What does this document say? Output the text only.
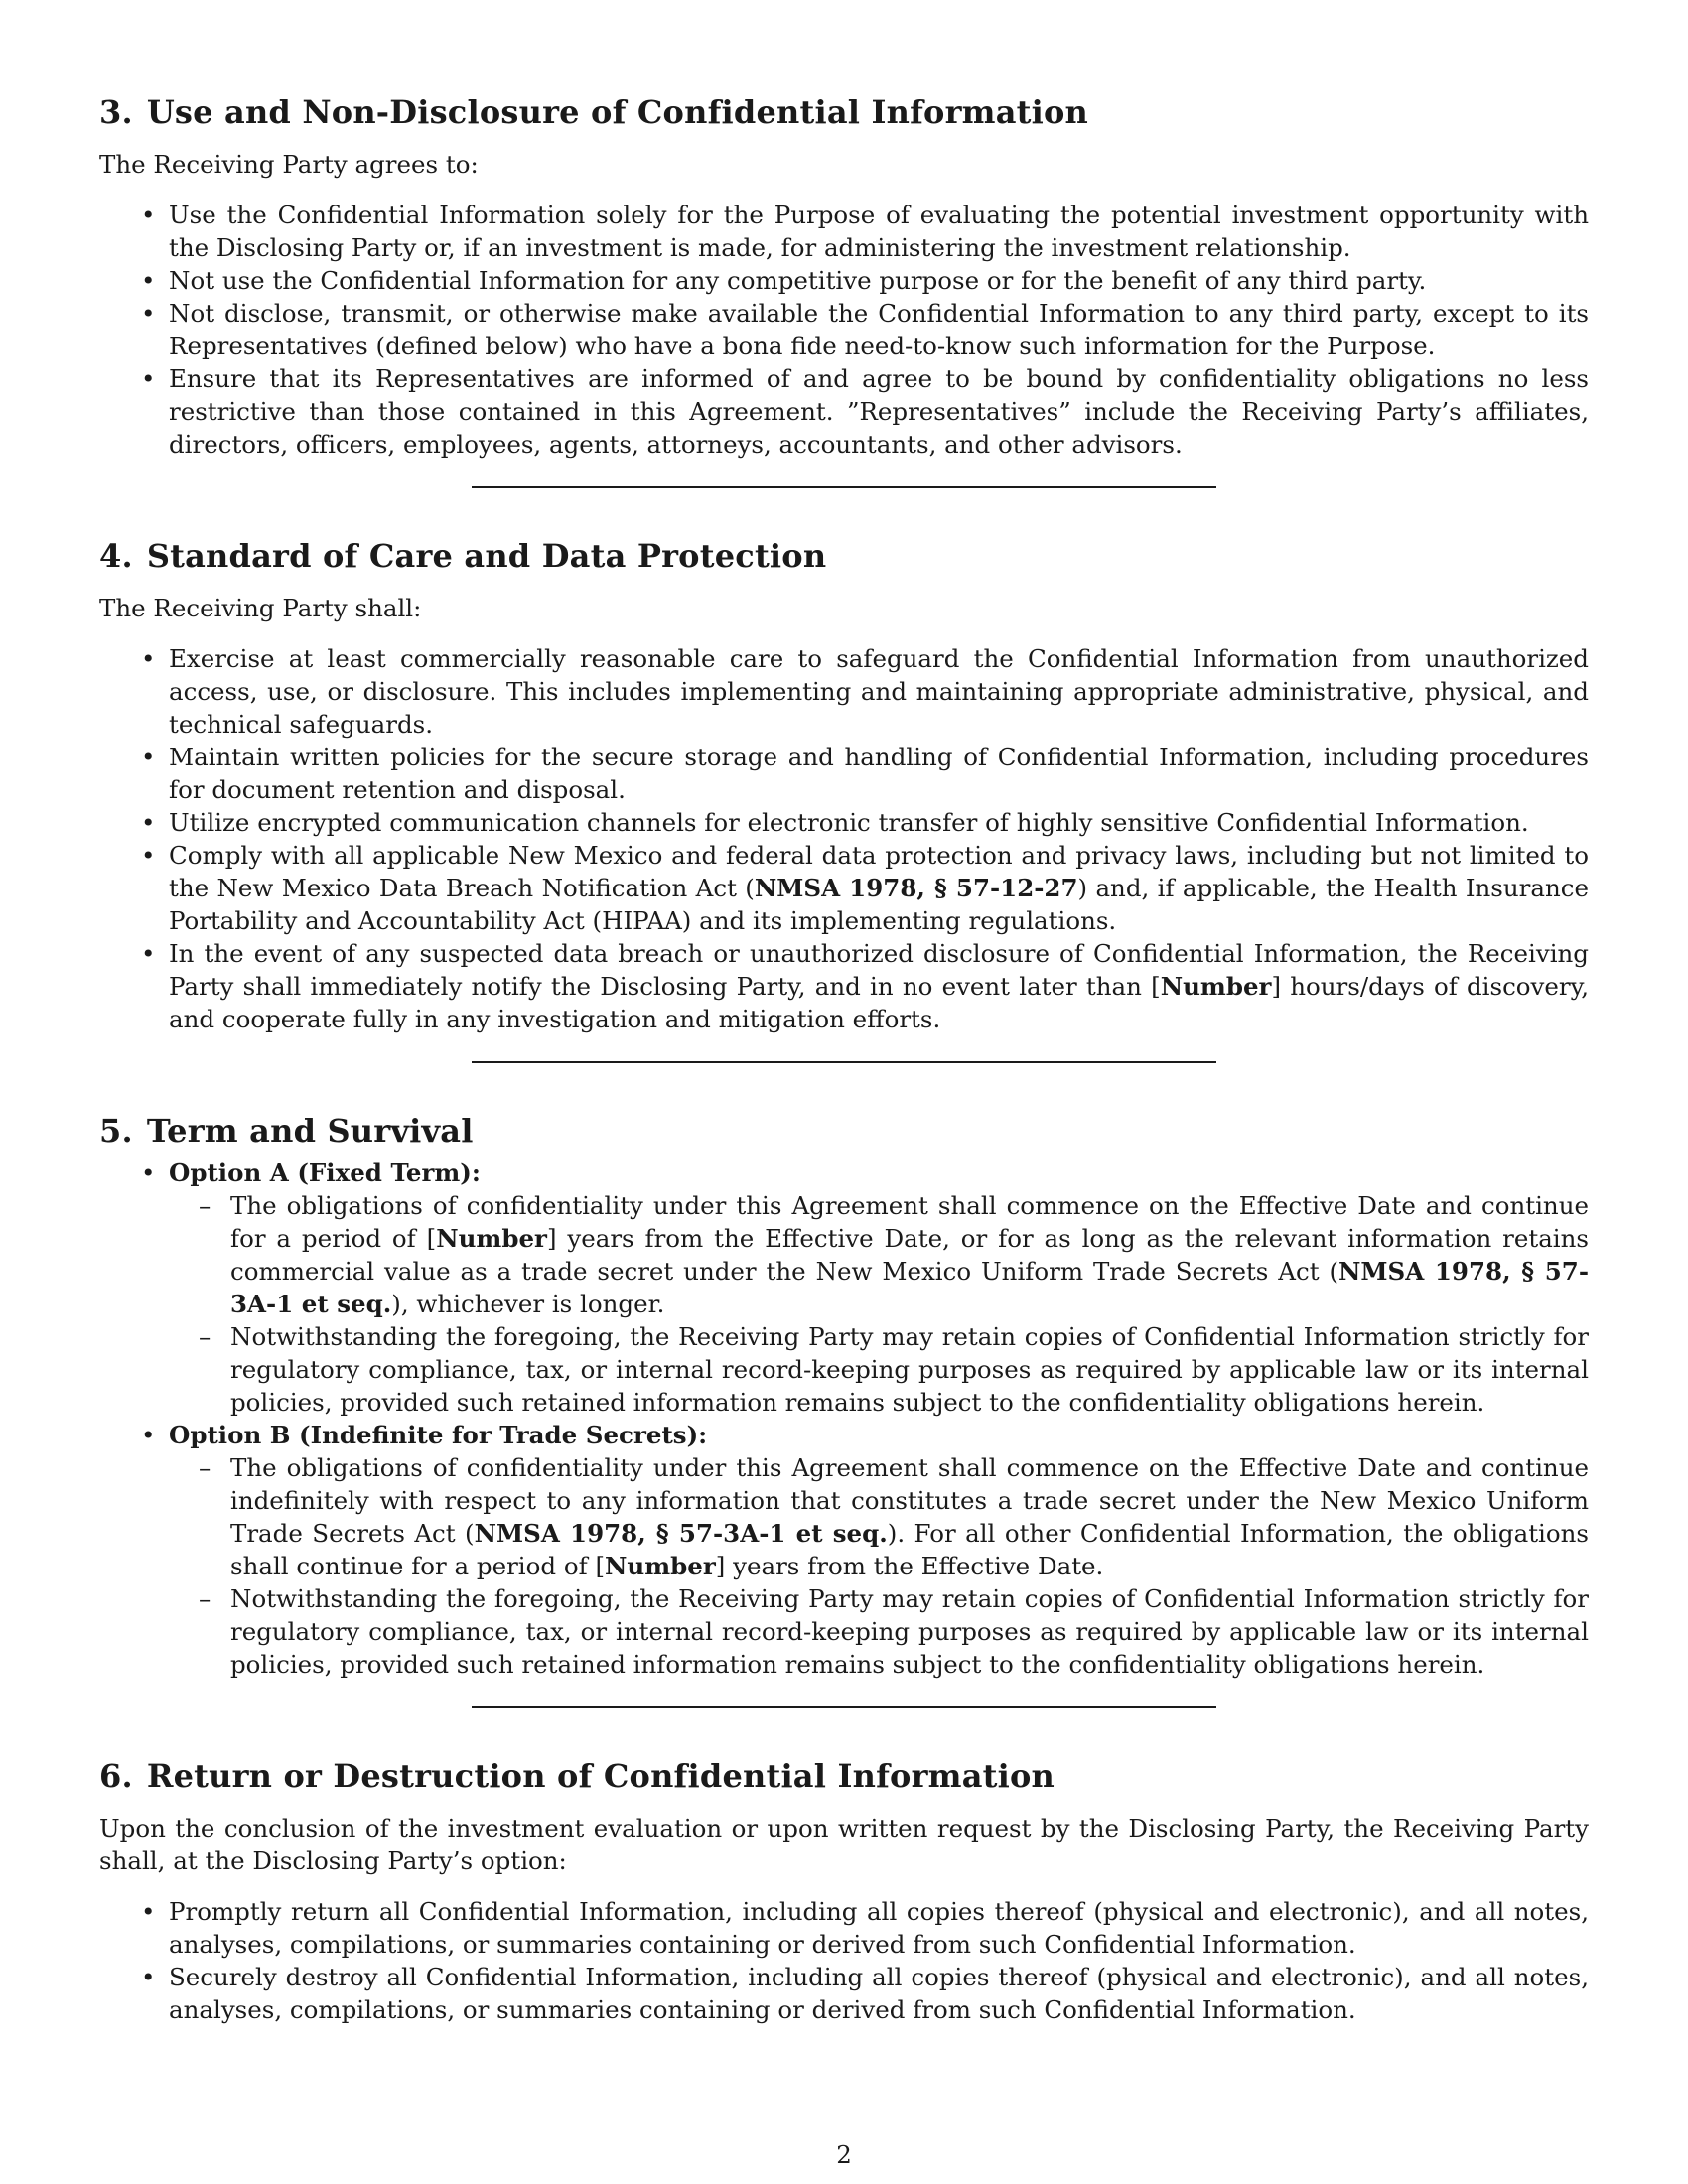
3. Use and Non-Disclosure of Confidential Information

The Receiving Party agrees to:

• Use the Confidential Information solely for the Purpose of evaluating the potential investment opportunity with the Disclosing Party or, if an investment is made, for administering the investment relationship.
• Not use the Confidential Information for any competitive purpose or for the benefit of any third party.
• Not disclose, transmit, or otherwise make available the Confidential Information to any third party, except to its Representatives (defined below) who have a bona fide need-to-know such information for the Purpose.
• Ensure that its Representatives are informed of and agree to be bound by confidentiality obligations no less restrictive than those contained in this Agreement. ”Representatives” include the Receiving Party’s affiliates, directors, officers, employees, agents, attorneys, accountants, and other advisors.
4. Standard of Care and Data Protection

The Receiving Party shall:

• Exercise at least commercially reasonable care to safeguard the Confidential Information from unauthorized access, use, or disclosure. This includes implementing and maintaining appropriate administrative, physical, and technical safeguards.
• Maintain written policies for the secure storage and handling of Confidential Information, including procedures for document retention and disposal.
• Utilize encrypted communication channels for electronic transfer of highly sensitive Confidential Information.
• Comply with all applicable New Mexico and federal data protection and privacy laws, including but not limited to the New Mexico Data Breach Notification Act (NMSA 1978, § 57-12-27) and, if applicable, the Health Insurance Portability and Accountability Act (HIPAA) and its implementing regulations.
• In the event of any suspected data breach or unauthorized disclosure of Confidential Information, the Receiving Party shall immediately notify the Disclosing Party, and in no event later than [Number] hours/days of discovery, and cooperate fully in any investigation and mitigation efforts.
5. Term and Survival
• Option A (Fixed Term):
– The obligations of confidentiality under this Agreement shall commence on the Effective Date and continue for a period of [Number] years from the Effective Date, or for as long as the relevant information retains commercial value as a trade secret under the New Mexico Uniform Trade Secrets Act (NMSA 1978, § 57-3A-1 et seq.), whichever is longer.
– Notwithstanding the foregoing, the Receiving Party may retain copies of Confidential Information strictly for regulatory compliance, tax, or internal record-keeping purposes as required by applicable law or its internal policies, provided such retained information remains subject to the confidentiality obligations herein.
• Option B (Indefinite for Trade Secrets):
– The obligations of confidentiality under this Agreement shall commence on the Effective Date and continue indefinitely with respect to any information that constitutes a trade secret under the New Mexico Uniform Trade Secrets Act (NMSA 1978, § 57-3A-1 et seq.). For all other Confidential Information, the obligations shall continue for a period of [Number] years from the Effective Date.
– Notwithstanding the foregoing, the Receiving Party may retain copies of Confidential Information strictly for regulatory compliance, tax, or internal record-keeping purposes as required by applicable law or its internal policies, provided such retained information remains subject to the confidentiality obligations herein.
6. Return or Destruction of Confidential Information

Upon the conclusion of the investment evaluation or upon written request by the Disclosing Party, the Receiving Party shall, at the Disclosing Party’s option:

• Promptly return all Confidential Information, including all copies thereof (physical and electronic), and all notes, analyses, compilations, or summaries containing or derived from such Confidential Information.
• Securely destroy all Confidential Information, including all copies thereof (physical and electronic), and all notes, analyses, compilations, or summaries containing or derived from such Confidential Information.
2
